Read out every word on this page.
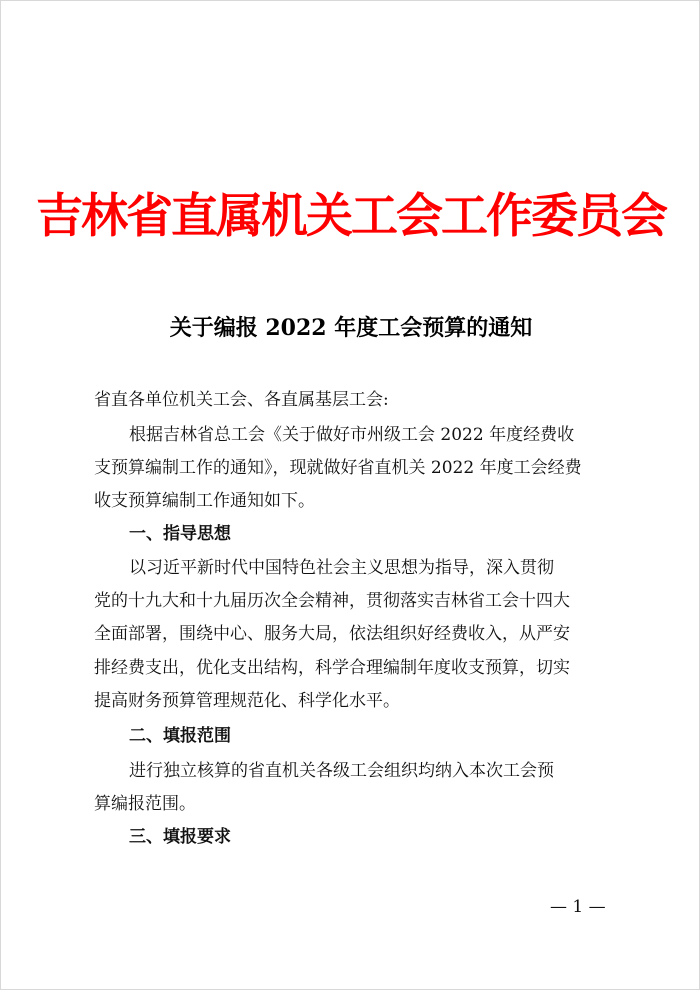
吉林省直属机关工会工作委员会
关于编报 2022 年度工会预算的通知
省直各单位机关工会、各直属基层工会:
根据吉林省总工会《关于做好市州级工会 2022 年度经费收
支预算编制工作的通知》，现就做好省直机关 2022 年度工会经费
收支预算编制工作通知如下。
一、指导思想
以习近平新时代中国特色社会主义思想为指导，深入贯彻
党的十九大和十九届历次全会精神，贯彻落实吉林省工会十四大
全面部署，围绕中心、服务大局，依法组织好经费收入，从严安
排经费支出，优化支出结构，科学合理编制年度收支预算，切实
提高财务预算管理规范化、科学化水平。
二、填报范围
进行独立核算的省直机关各级工会组织均纳入本次工会预
算编报范围。
三、填报要求
— 1 —
